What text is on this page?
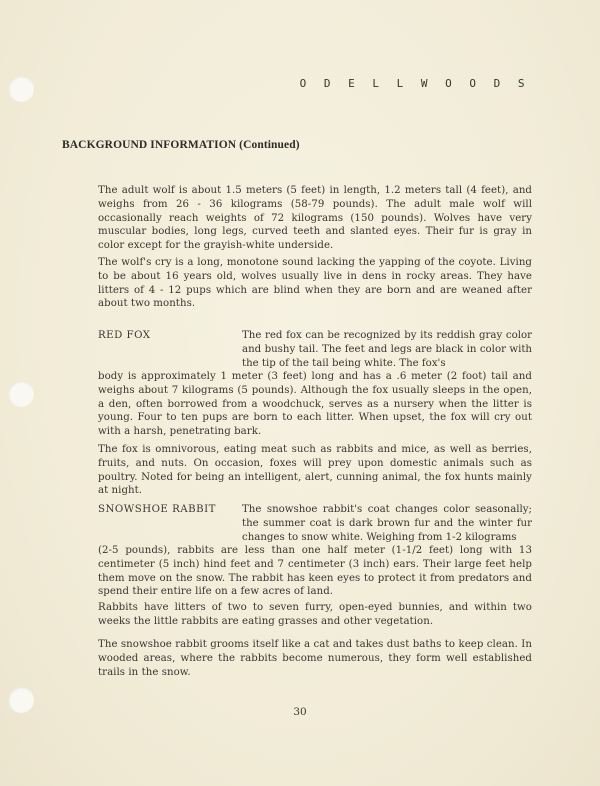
O D E L L W O O D S
BACKGROUND INFORMATION (Continued)
The adult wolf is about 1.5 meters (5 feet) in length, 1.2 meters tall (4 feet), and weighs from 26 - 36 kilograms (58-79 pounds). The adult male wolf will occasionally reach weights of 72 kilograms (150 pounds). Wolves have very muscular bodies, long legs, curved teeth and slanted eyes. Their fur is gray in color except for the grayish-white underside.
The wolf's cry is a long, monotone sound lacking the yapping of the coyote. Living to be about 16 years old, wolves usually live in dens in rocky areas. They have litters of 4 - 12 pups which are blind when they are born and are weaned after about two months.
RED FOX	The red fox can be recognized by its reddish gray color and bushy tail. The feet and legs are black in color with the tip of the tail being white. The fox's
body is approximately 1 meter (3 feet) long and has a .6 meter (2 foot) tail and weighs about 7 kilograms (5 pounds). Although the fox usually sleeps in the open, a den, often borrowed from a woodchuck, serves as a nursery when the litter is young. Four to ten pups are born to each litter. When upset, the fox will cry out with a harsh, penetrating bark.
The fox is omnivorous, eating meat such as rabbits and mice, as well as berries, fruits, and nuts. On occasion, foxes will prey upon domestic animals such as poultry. Noted for being an intelligent, alert, cunning animal, the fox hunts mainly at night.
SNOWSHOE RABBIT	The snowshoe rabbit's coat changes color seasonally; the summer coat is dark brown fur and the winter fur changes to snow white. Weighing from 1-2 kilograms
(2-5 pounds), rabbits are less than one half meter (1-1/2 feet) long with 13 centimeter (5 inch) hind feet and 7 centimeter (3 inch) ears. Their large feet help them move on the snow. The rabbit has keen eyes to protect it from predators and spend their entire life on a few acres of land.
Rabbits have litters of two to seven furry, open-eyed bunnies, and within two weeks the little rabbits are eating grasses and other vegetation.
The snowshoe rabbit grooms itself like a cat and takes dust baths to keep clean. In wooded areas, where the rabbits become numerous, they form well established trails in the snow.
30
